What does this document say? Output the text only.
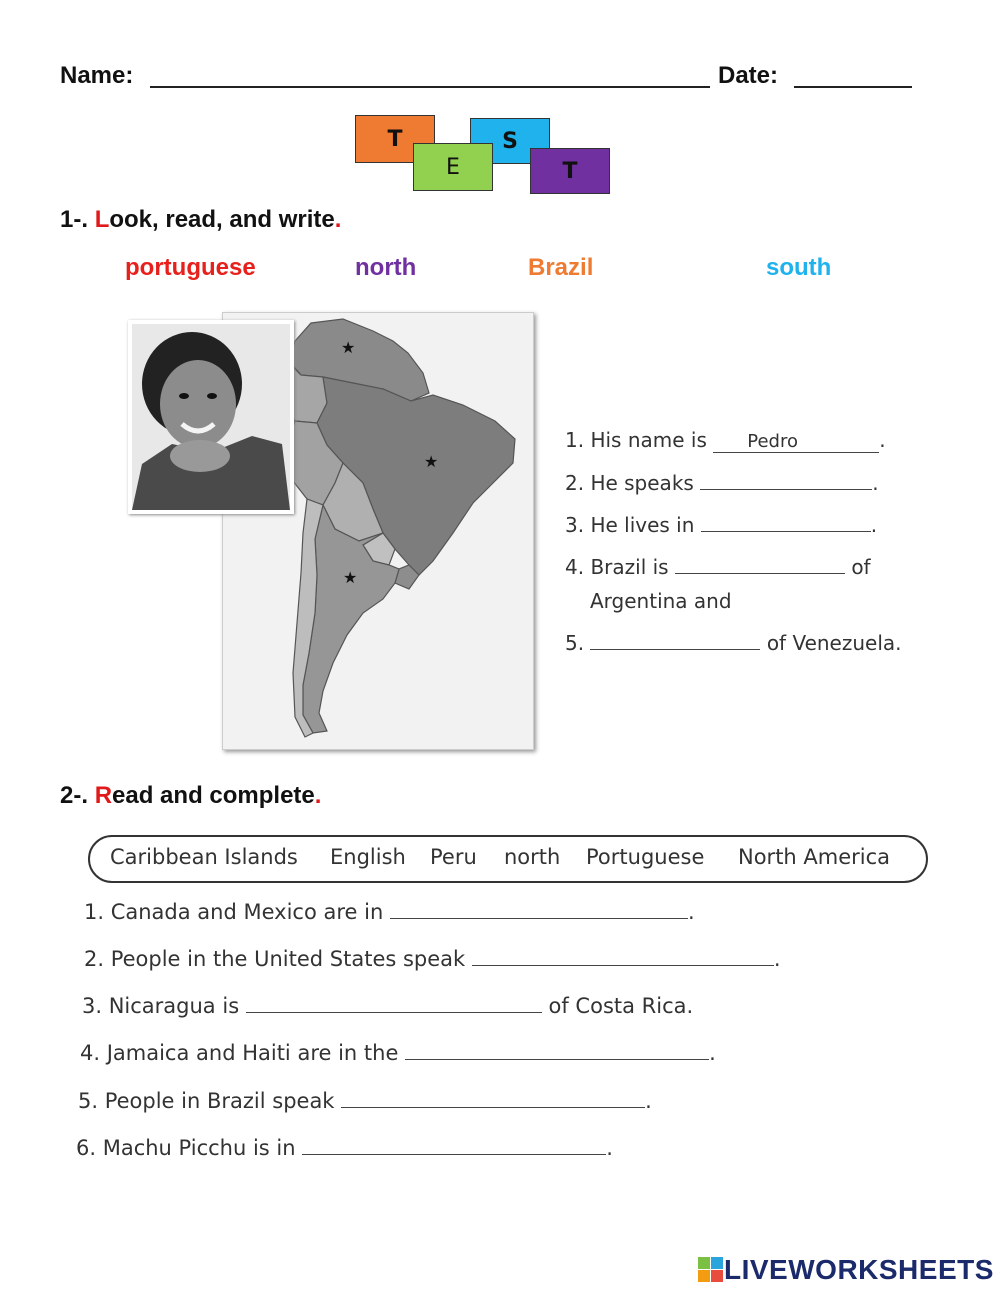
Name:	Date:
T	S
E	T
1-. Look, read, and write.
portuguese	north	Brazil	south
★
★
★
1. His name is Pedro	.
2. He speaks	.
3. He lives in	.
4. Brazil is	of
Argentina and
5.	of Venezuela.
2-. Read and complete.
Caribbean Islands English Peru north Portuguese North America
1. Canada and Mexico are in	.
2. People in the United States speak	.
3. Nicaragua is	of Costa Rica.
4. Jamaica and Haiti are in the	.
5. People in Brazil speak	.
6. Machu Picchu is in	.
LIVEWORKSHEETS
